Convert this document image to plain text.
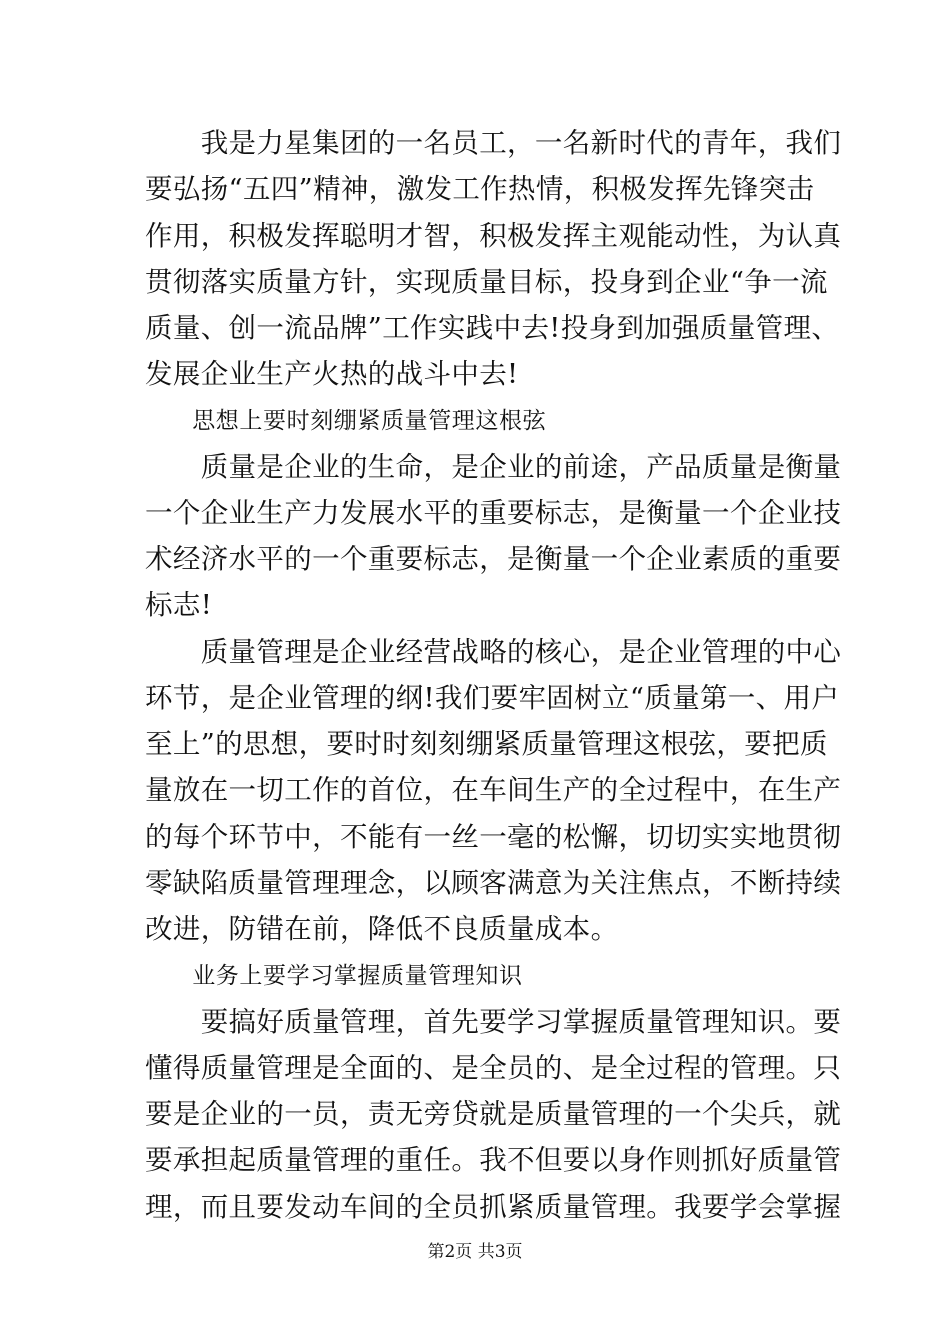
　　我是力星集团的一名员工，一名新时代的青年，我们
要弘扬“五四”精神，激发工作热情，积极发挥先锋突击
作用，积极发挥聪明才智，积极发挥主观能动性，为认真
贯彻落实质量方针，实现质量目标，投身到企业“争一流
质量、创一流品牌”工作实践中去!投身到加强质量管理、
发展企业生产火热的战斗中去!
　　思想上要时刻绷紧质量管理这根弦
　　质量是企业的生命，是企业的前途，产品质量是衡量
一个企业生产力发展水平的重要标志，是衡量一个企业技
术经济水平的一个重要标志，是衡量一个企业素质的重要
标志!
　　质量管理是企业经营战略的核心，是企业管理的中心
环节，是企业管理的纲!我们要牢固树立“质量第一、用户
至上”的思想，要时时刻刻绷紧质量管理这根弦，要把质
量放在一切工作的首位，在车间生产的全过程中，在生产
的每个环节中，不能有一丝一毫的松懈，切切实实地贯彻
零缺陷质量管理理念，以顾客满意为关注焦点，不断持续
改进，防错在前，降低不良质量成本。
　　业务上要学习掌握质量管理知识
　　要搞好质量管理，首先要学习掌握质量管理知识。要
懂得质量管理是全面的、是全员的、是全过程的管理。只
要是企业的一员，责无旁贷就是质量管理的一个尖兵，就
要承担起质量管理的重任。我不但要以身作则抓好质量管
理，而且要发动车间的全员抓紧质量管理。我要学会掌握
第2页 共3页
